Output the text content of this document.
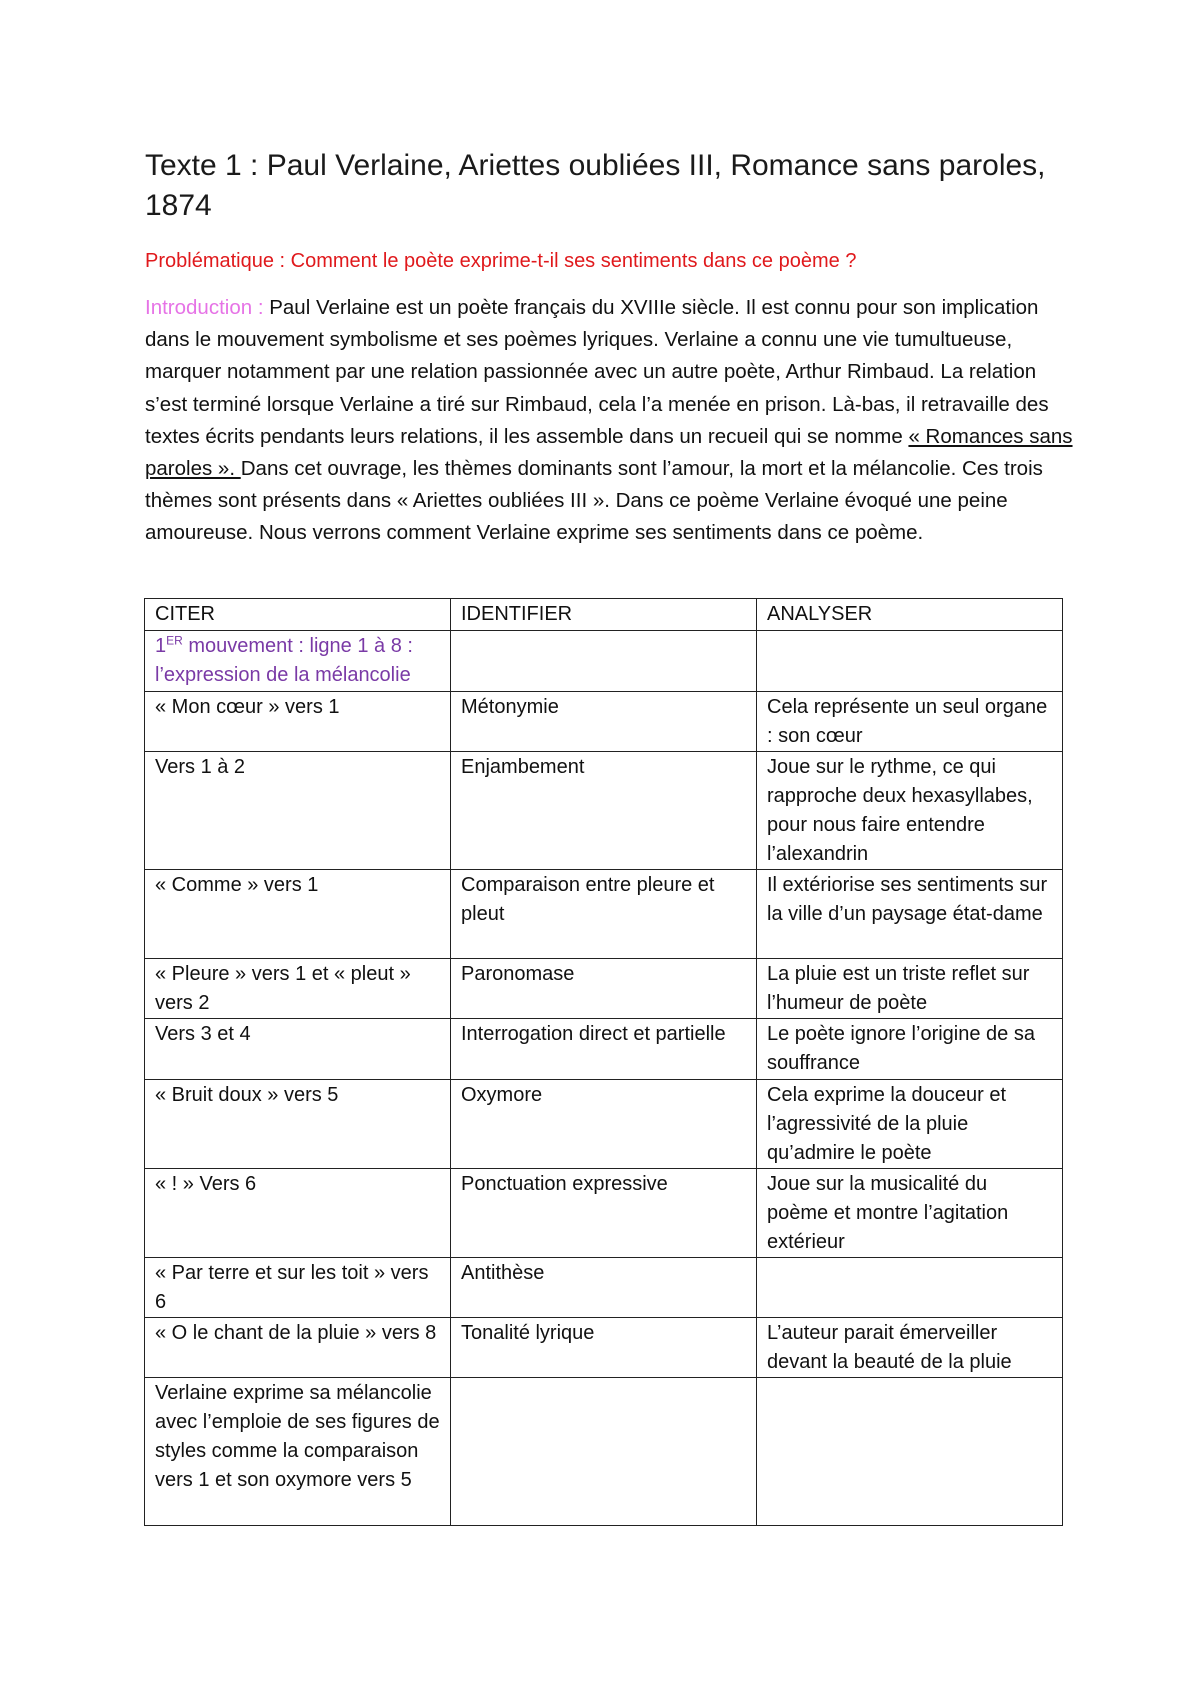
Texte 1 : Paul Verlaine, Ariettes oubliées III, Romance sans paroles, 1874

Problématique : Comment le poète exprime-t-il ses sentiments dans ce poème ?

Introduction : Paul Verlaine est un poète français du XVIIIe siècle. Il est connu pour son implication dans le mouvement symbolisme et ses poèmes lyriques. Verlaine a connu une vie tumultueuse, marquer notamment par une relation passionnée avec un autre poète, Arthur Rimbaud. La relation s’est terminé lorsque Verlaine a tiré sur Rimbaud, cela l’a menée en prison. Là-bas, il retravaille des textes écrits pendants leurs relations, il les assemble dans un recueil qui se nomme « Romances sans paroles ». Dans cet ouvrage, les thèmes dominants sont l’amour, la mort et la mélancolie. Ces trois thèmes sont présents dans « Ariettes oubliées III ». Dans ce poème Verlaine évoqué une peine amoureuse. Nous verrons comment Verlaine exprime ses sentiments dans ce poème.

CITER	IDENTIFIER	ANALYSER
1ER mouvement : ligne 1 à 8 : l’expression de la mélancolie		
« Mon cœur » vers 1	Métonymie	Cela représente un seul organe : son cœur
Vers 1 à 2	Enjambement	Joue sur le rythme, ce qui rapproche deux hexasyllabes, pour nous faire entendre l’alexandrin
« Comme » vers 1	Comparaison entre pleure et pleut	Il extériorise ses sentiments sur la ville d’un paysage état-dame
« Pleure » vers 1 et « pleut » vers 2	Paronomase	La pluie est un triste reflet sur l’humeur de poète
Vers 3 et 4	Interrogation direct et partielle	Le poète ignore l’origine de sa souffrance
« Bruit doux » vers 5	Oxymore	Cela exprime la douceur et l’agressivité de la pluie qu’admire le poète
« ! » Vers 6	Ponctuation expressive	Joue sur la musicalité du poème et montre l’agitation extérieur
« Par terre et sur les toit » vers 6	Antithèse	
« O le chant de la pluie » vers 8	Tonalité lyrique	L’auteur parait émerveiller devant la beauté de la pluie
Verlaine exprime sa mélancolie avec l’emploie de ses figures de styles comme la comparaison vers 1 et son oxymore vers 5		
